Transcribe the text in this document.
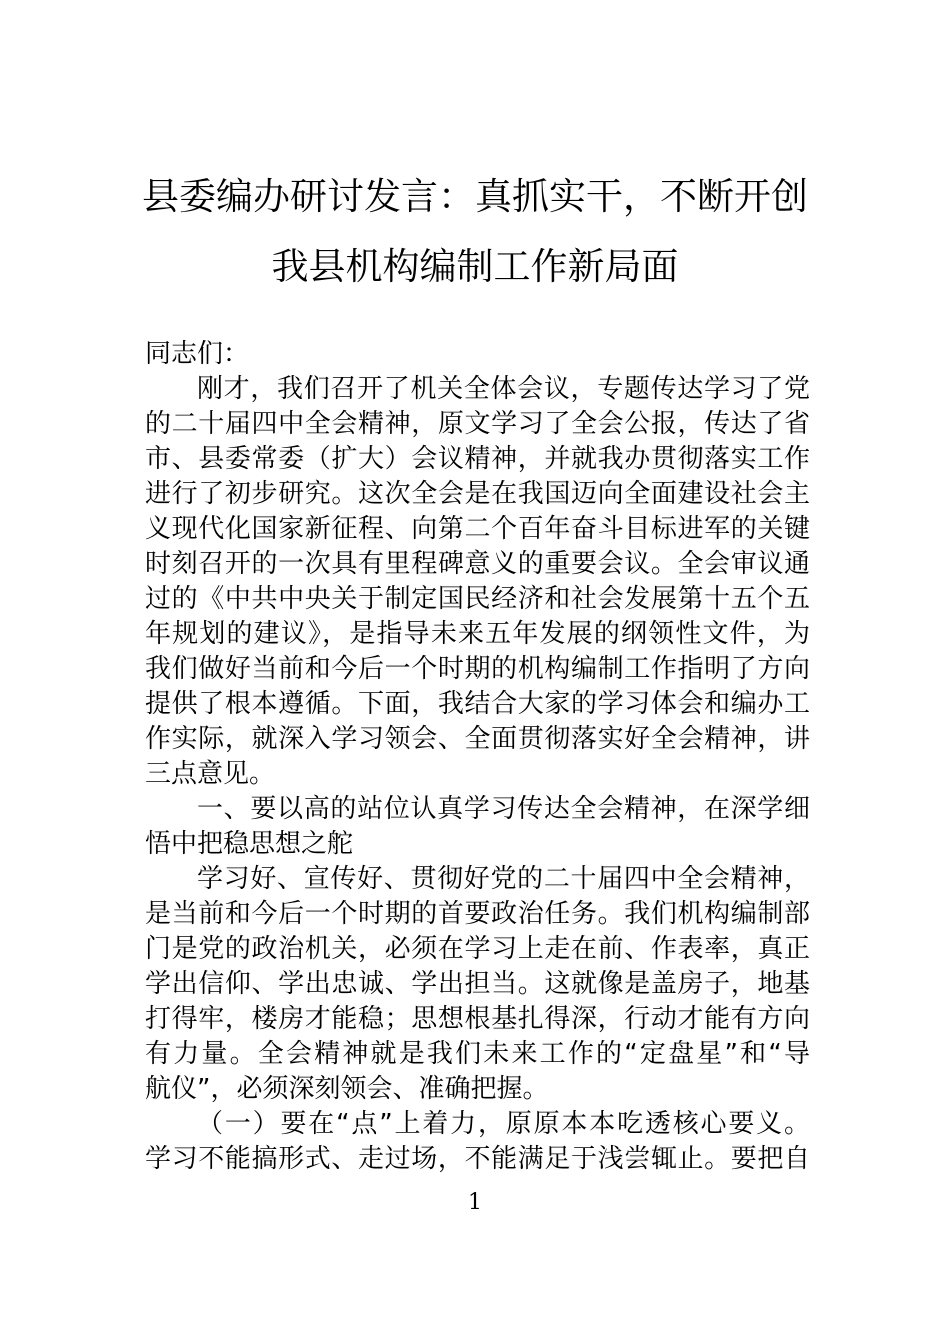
县委编办研讨发言：真抓实干，不断开创
我县机构编制工作新局面
同志们：
刚才，我们召开了机关全体会议，专题传达学习了党
的二十届四中全会精神，原文学习了全会公报，传达了省
市、县委常委（扩大）会议精神，并就我办贯彻落实工作
进行了初步研究。这次全会是在我国迈向全面建设社会主
义现代化国家新征程、向第二个百年奋斗目标进军的关键
时刻召开的一次具有里程碑意义的重要会议。全会审议通
过的《中共中央关于制定国民经济和社会发展第十五个五
年规划的建议》，是指导未来五年发展的纲领性文件，为
我们做好当前和今后一个时期的机构编制工作指明了方向
提供了根本遵循。下面，我结合大家的学习体会和编办工
作实际，就深入学习领会、全面贯彻落实好全会精神，讲
三点意见。
一、要以高的站位认真学习传达全会精神，在深学细
悟中把稳思想之舵
学习好、宣传好、贯彻好党的二十届四中全会精神，
是当前和今后一个时期的首要政治任务。我们机构编制部
门是党的政治机关，必须在学习上走在前、作表率，真正
学出信仰、学出忠诚、学出担当。这就像是盖房子，地基
打得牢，楼房才能稳；思想根基扎得深，行动才能有方向
有力量。全会精神就是我们未来工作的“定盘星”和“导
航仪”，必须深刻领会、准确把握。
（一）要在“点”上着力，原原本本吃透核心要义。
学习不能搞形式、走过场，不能满足于浅尝辄止。要把自
1
